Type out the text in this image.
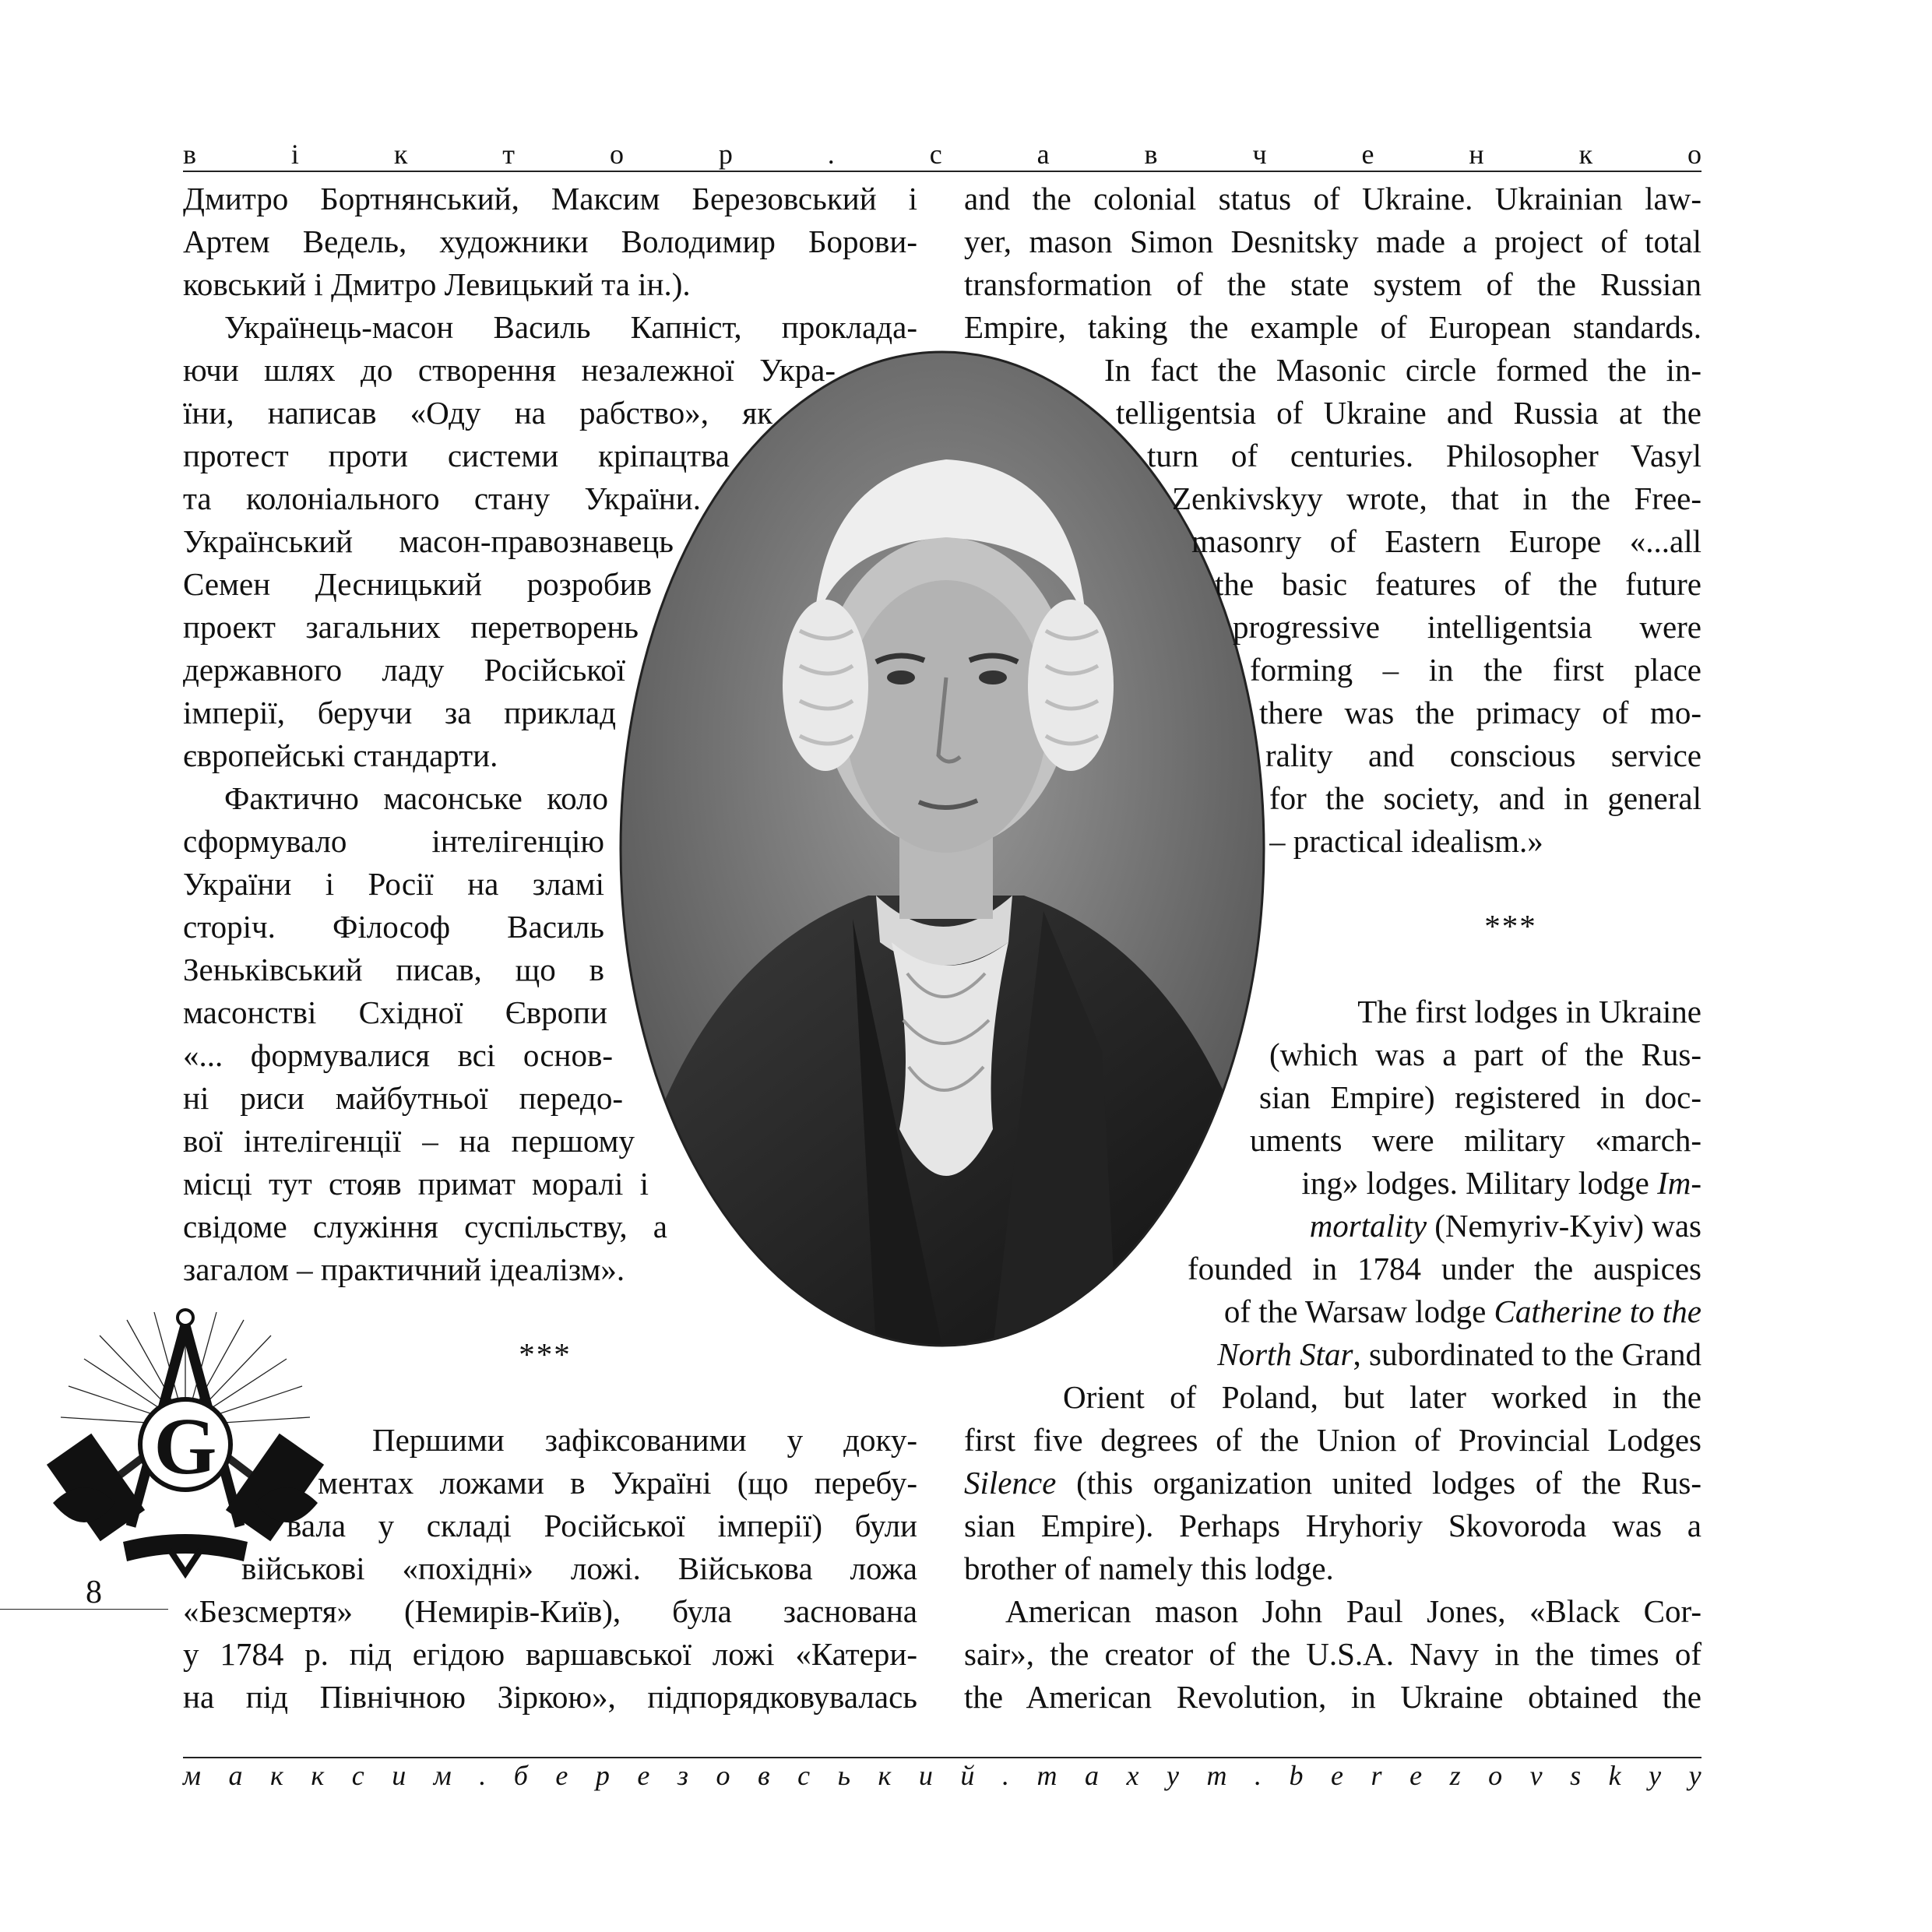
в	і	к	т	о	р	.	с	а	в	ч	е	н	к	о
Дмитро Бортнянський, Максим Березовський і
Артем Ведель, художники Володимир Борови-
ковський і Дмитро Левицький та ін.).
Українець-масон Василь Капніст, проклада-
ючи шлях до створення незалежної Укра-
їни, написав «Оду на рабство», як
протест проти системи кріпацтва
та колоніального стану України.
Український масон-правознавець
Семен Десницький розробив
проект загальних перетворень
державного ладу Російської
імперії, беручи за приклад
європейські стандарти.
Фактично масонське коло
сформувало інтелігенцію
України і Росії на зламі
сторіч. Філософ Василь
Зеньківський писав, що в
масонстві Східної Європи
«... формувалися всі основ-
ні риси майбутньої передо-
вої інтелігенції – на першому
місці тут стояв примат моралі і
свідоме служіння суспільству, а
загалом – практичний ідеалізм».
***
G	Першими зафіксованими у доку-
ментах ложами в Україні (що перебу-
вала у складі Російської імперії) були
військові «похідні» ложі. Військова ложа
«Безсмертя» (Немирів-Київ), була заснована
у 1784 р. під егідою варшавської ложі «Катери-
на під Північною Зіркою», підпорядковувалась
8
and the colonial status of Ukraine. Ukrainian law-
yer, mason Simon Desnitsky made a project of total
transformation of the state system of the Russian
Empire, taking the example of European standards.
In fact the Masonic circle formed the in-
telligentsia of Ukraine and Russia at the
turn of centuries. Philosopher Vasyl
Zenkivskyy wrote, that in the Free-
masonry of Eastern Europe «...all
the basic features of the future
progressive intelligentsia were
forming – in the first place
there was the primacy of mo-
rality and conscious service
for the society, and in general
– practical idealism.»
***
The first lodges in Ukraine
(which was a part of the Rus-
sian Empire) registered in doc-
uments were military «march-
ing» lodges. Military lodge Im-
mortality (Nemyriv-Kyiv) was
founded in 1784 under the auspices
of the Warsaw lodge Catherine to the
North Star, subordinated to the Grand
Orient of Poland, but later worked in the
first five degrees of the Union of Provincial Lodges
Silence (this organization united lodges of the Rus-
sian Empire). Perhaps Hryhoriy Skovoroda was a
brother of namely this lodge.
American mason John Paul Jones, «Black Cor-
sair», the creator of the U.S.A. Navy in the times of
the American Revolution, in Ukraine obtained the
м а к к с и м . б е р е з о в с ь к и й . m a x y m . b e r e z o v s k y y
